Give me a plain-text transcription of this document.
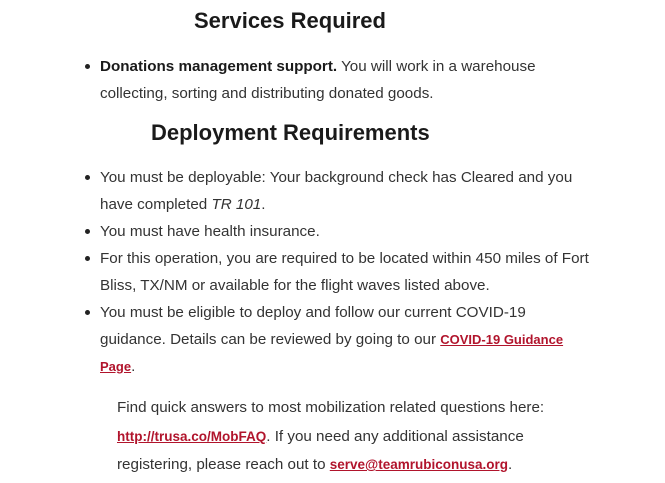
Services Required
Donations management support. You will work in a warehouse collecting, sorting and distributing donated goods.
Deployment Requirements
You must be deployable: Your background check has Cleared and you have completed TR 101.
You must have health insurance.
For this operation, you are required to be located within 450 miles of Fort Bliss, TX/NM or available for the flight waves listed above.
You must be eligible to deploy and follow our current COVID-19 guidance. Details can be reviewed by going to our COVID-19 Guidance Page.

Find quick answers to most mobilization related questions here: http://trusa.co/MobFAQ. If you need any additional assistance registering, please reach out to serve@teamrubiconusa.org.
